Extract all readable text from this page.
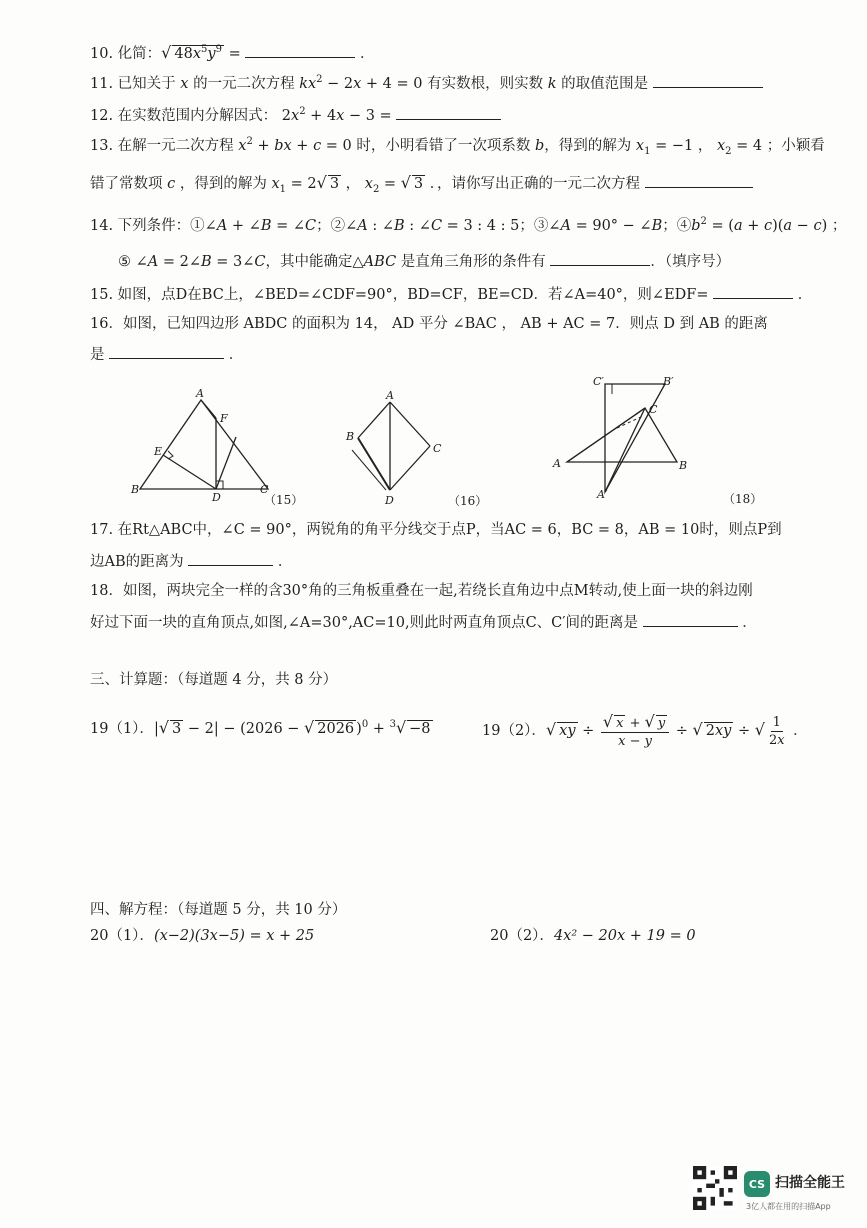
10. 化简：√ $48x^5y^9$ =	．
11. 已知关于 x 的一元二次方程 $kx^2 - 2x + 4 = 0$ 有实数根，则实数 k 的取值范围是
12. 在实数范围内分解因式： $2x^2 + 4x - 3$ =
13. 在解一元二次方程 $x^2$ + bx + c = 0 时，小明看错了一次项系数 b，得到的解为 $x_1 = -1$ ， $x_2 = 4$ ；小颖看
错了常数项 c ，得到的解为 $x_1 = 2√$ 3 ， $x_2$ = √ 3 ．，请你写出正确的一元二次方程
14. 下列条件：①∠A + ∠B = ∠C；②∠A : ∠B : ∠C = 3 : 4 : 5；③∠A = 90° − ∠B；$④b^2 = (a + c)(a - c)$ ；
⑤ ∠A = 2∠B = 3∠C，其中能确定△ABC 是直角三角形的条件有	．（填序号）
15. 如图，点D在BC上，∠BED=∠CDF=90°，BD=CF，BE=CD．若∠A=40°，则∠EDF=	．
16．如图，已知四边形 ABDC 的面积为 14， AD 平分 ∠BAC ， AB + AC = 7．则点 D 到 AB 的距离
是	．
A
F
E
B
D
C
（15）
A
B
C
D	（16）
C′	B′
C
A	B
A′	（18）
17. 在Rt△ABC中，∠C = 90°，两锐角的角平分线交于点P，当AC = 6，BC = 8，AB = 10时，则点P到
边AB的距离为	．
18．如图，两块完全一样的含30°角的三角板重叠在一起,若绕长直角边中点M转动,使上面一块的斜边刚
好过下面一块的直角顶点,如图,∠A=30°,AC=10,则此时两直角顶点C、C′间的距离是	．
三、计算题：（每道题 4 分，共 8 分）
19（1）．|√ 3 − 2| − (2026 − √ 2026 )$^0$ + $^3$√ −8	19（2）．√ xy ÷ $\frac{√ x + √ y}{x - y}$ ÷ √ 2xy ÷ √ $\frac{1}{2x}$ ．
四、解方程：（每道题 5 分，共 10 分）
20（1）．(x−2)(3x−5) = x + 25	20（2）．4x² − 20x + 19 = 0
CS 扫描全能王
3亿人都在用的扫描App
